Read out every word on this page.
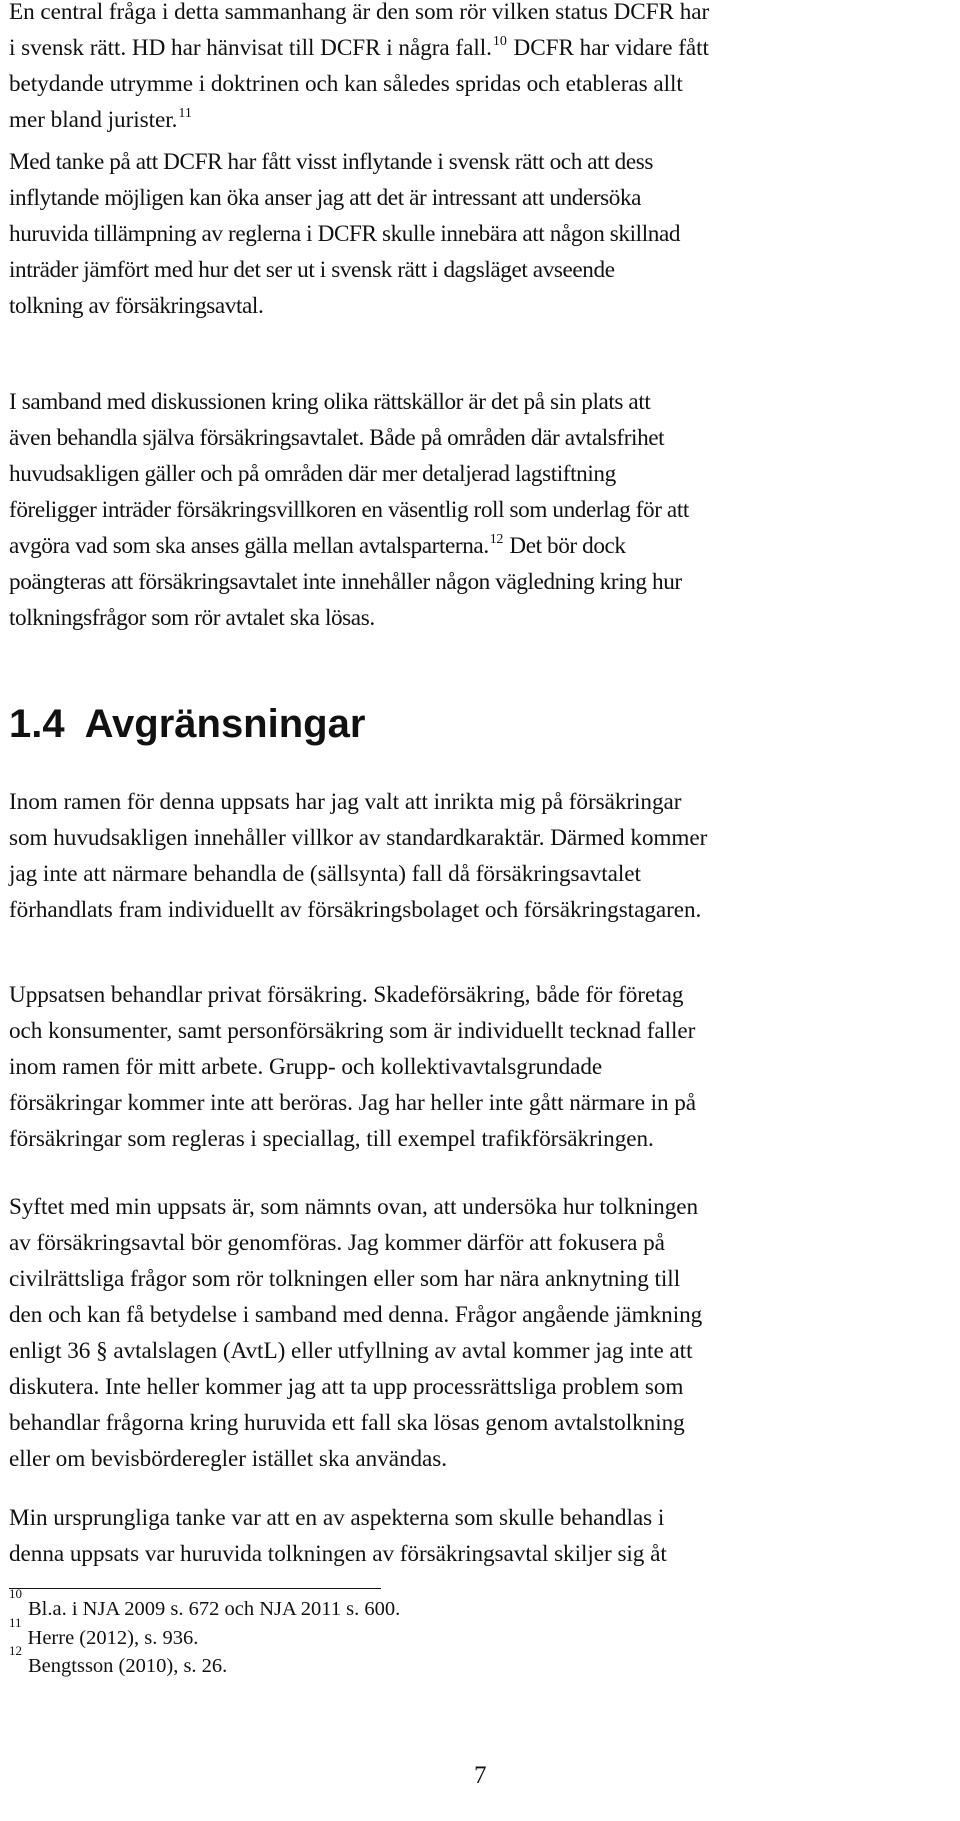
En central fråga i detta sammanhang är den som rör vilken status DCFR har
i svensk rätt. HD har hänvisat till DCFR i några fall.$^{10}$ DCFR har vidare fått
betydande utrymme i doktrinen och kan således spridas och etableras allt
mer bland jurister.$^{11}$

Med tanke på att DCFR har fått visst inflytande i svensk rätt och att dess
inflytande möjligen kan öka anser jag att det är intressant att undersöka
huruvida tillämpning av reglerna i DCFR skulle innebära att någon skillnad
inträder jämfört med hur det ser ut i svensk rätt i dagsläget avseende
tolkning av försäkringsavtal.

I samband med diskussionen kring olika rättskällor är det på sin plats att
även behandla själva försäkringsavtalet. Både på områden där avtalsfrihet
huvudsakligen gäller och på områden där mer detaljerad lagstiftning
föreligger inträder försäkringsvillkoren en väsentlig roll som underlag för att
avgöra vad som ska anses gälla mellan avtalsparterna.$^{12}$ Det bör dock
poängteras att försäkringsavtalet inte innehåller någon vägledning kring hur
tolkningsfrågor som rör avtalet ska lösas.

1.4 Avgränsningar

Inom ramen för denna uppsats har jag valt att inrikta mig på försäkringar
som huvudsakligen innehåller villkor av standardkaraktär. Därmed kommer
jag inte att närmare behandla de (sällsynta) fall då försäkringsavtalet
förhandlats fram individuellt av försäkringsbolaget och försäkringstagaren.

Uppsatsen behandlar privat försäkring. Skadeförsäkring, både för företag
och konsumenter, samt personförsäkring som är individuellt tecknad faller
inom ramen för mitt arbete. Grupp- och kollektivavtalsgrundade
försäkringar kommer inte att beröras. Jag har heller inte gått närmare in på
försäkringar som regleras i speciallag, till exempel trafikförsäkringen.

Syftet med min uppsats är, som nämnts ovan, att undersöka hur tolkningen
av försäkringsavtal bör genomföras. Jag kommer därför att fokusera på
civilrättsliga frågor som rör tolkningen eller som har nära anknytning till
den och kan få betydelse i samband med denna. Frågor angående jämkning
enligt 36 § avtalslagen (AvtL) eller utfyllning av avtal kommer jag inte att
diskutera. Inte heller kommer jag att ta upp processrättsliga problem som
behandlar frågorna kring huruvida ett fall ska lösas genom avtalstolkning
eller om bevisbörderegler istället ska användas.

Min ursprungliga tanke var att en av aspekterna som skulle behandlas i
denna uppsats var huruvida tolkningen av försäkringsavtal skiljer sig åt

$^{10}$Bl.a. i NJA 2009 s. 672 och NJA 2011 s. 600.
$^{11}$Herre (2012), s. 936.
$^{12}$Bengtsson (2010), s. 26.
7
